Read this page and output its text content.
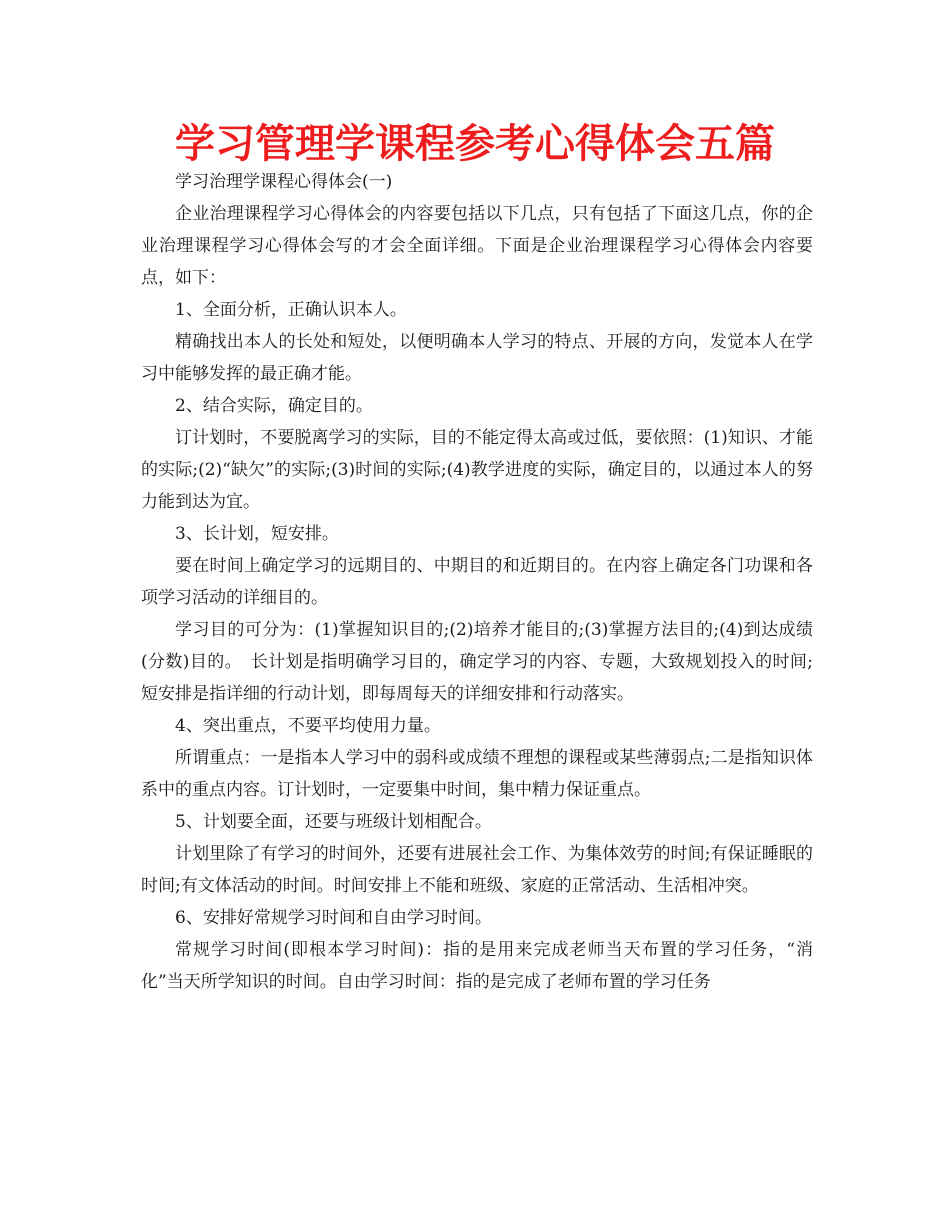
学习管理学课程参考心得体会五篇

学习治理学课程心得体会(一)

企业治理课程学习心得体会的内容要包括以下几点，只有包括了下面这几点，你的企业治理课程学习心得体会写的才会全面详细。下面是企业治理课程学习心得体会内容要点，如下：

1、全面分析，正确认识本人。

精确找出本人的长处和短处，以便明确本人学习的特点、开展的方向，发觉本人在学习中能够发挥的最正确才能。

2、结合实际，确定目的。

订计划时，不要脱离学习的实际，目的不能定得太高或过低，要依照：(1)知识、才能的实际;(2)“缺欠”的实际;(3)时间的实际;(4)教学进度的实际，确定目的，以通过本人的努力能到达为宜。

3、长计划，短安排。

要在时间上确定学习的远期目的、中期目的和近期目的。在内容上确定各门功课和各项学习活动的详细目的。

学习目的可分为：(1)掌握知识目的;(2)培养才能目的;(3)掌握方法目的;(4)到达成绩(分数)目的。　长计划是指明确学习目的，确定学习的内容、专题，大致规划投入的时间;短安排是指详细的行动计划，即每周每天的详细安排和行动落实。

4、突出重点，不要平均使用力量。

所谓重点：一是指本人学习中的弱科或成绩不理想的课程或某些薄弱点;二是指知识体系中的重点内容。订计划时，一定要集中时间，集中精力保证重点。

5、计划要全面，还要与班级计划相配合。

计划里除了有学习的时间外，还要有进展社会工作、为集体效劳的时间;有保证睡眠的时间;有文体活动的时间。时间安排上不能和班级、家庭的正常活动、生活相冲突。

6、安排好常规学习时间和自由学习时间。

常规学习时间(即根本学习时间)：指的是用来完成老师当天布置的学习任务，“消化”当天所学知识的时间。自由学习时间：指的是完成了老师布置的学习任务
